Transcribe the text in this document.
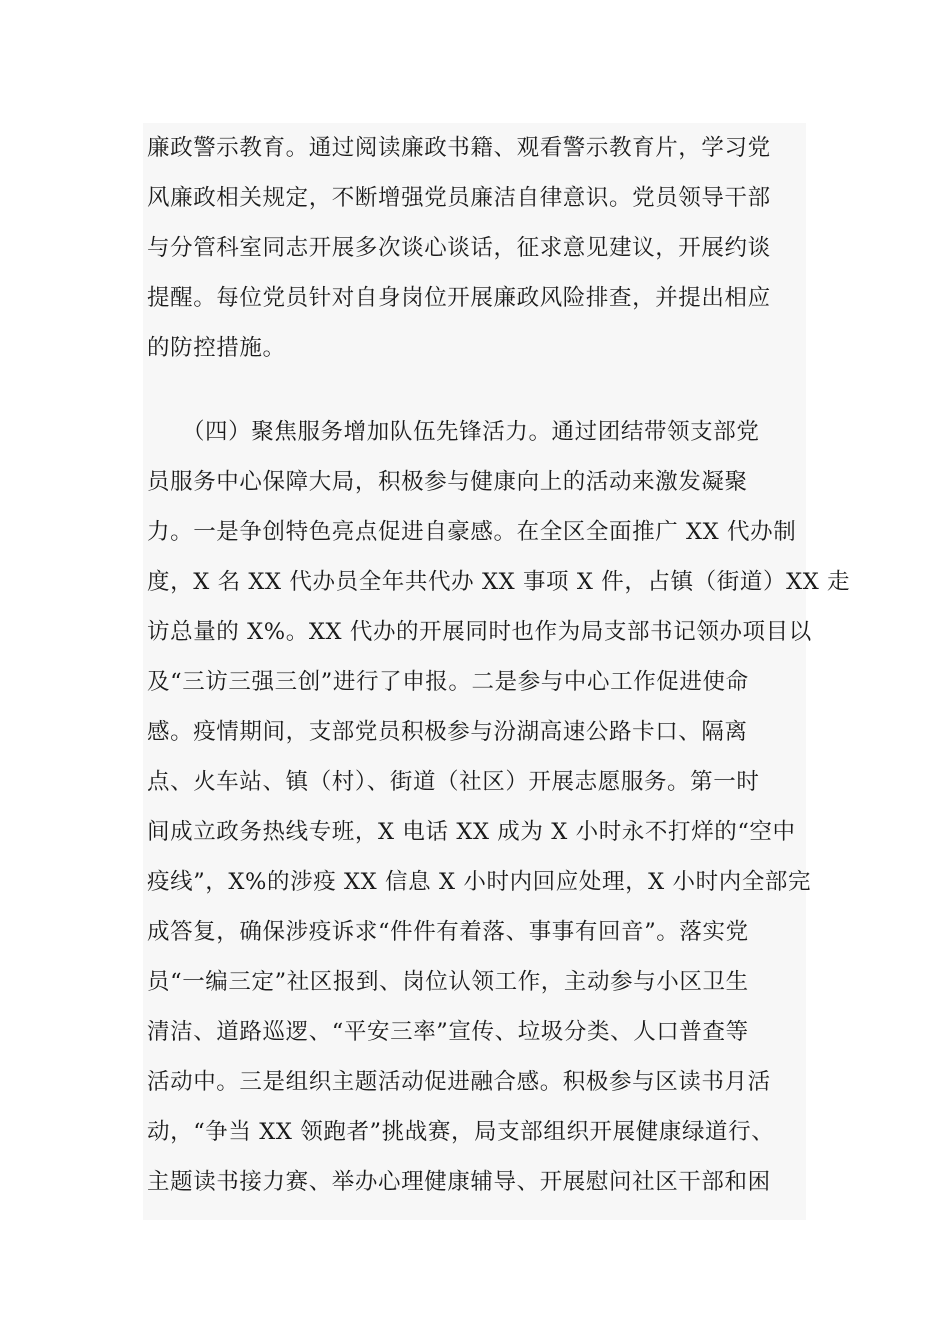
廉政警示教育。通过阅读廉政书籍、观看警示教育片，学习党
风廉政相关规定，不断增强党员廉洁自律意识。党员领导干部
与分管科室同志开展多次谈心谈话，征求意见建议，开展约谈
提醒。每位党员针对自身岗位开展廉政风险排查，并提出相应
的防控措施。
　　（四）聚焦服务增加队伍先锋活力。通过团结带领支部党
员服务中心保障大局，积极参与健康向上的活动来激发凝聚
力。一是争创特色亮点促进自豪感。在全区全面推广 XX 代办制
度，X 名 XX 代办员全年共代办 XX 事项 X 件，占镇（街道）XX 走
访总量的 X%。XX 代办的开展同时也作为局支部书记领办项目以
及“三访三强三创”进行了申报。二是参与中心工作促进使命
感。疫情期间，支部党员积极参与汾湖高速公路卡口、隔离
点、火车站、镇（村）、街道（社区）开展志愿服务。第一时
间成立政务热线专班，X 电话 XX 成为 X 小时永不打烊的“空中
疫线”，X%的涉疫 XX 信息 X 小时内回应处理，X 小时内全部完
成答复，确保涉疫诉求“件件有着落、事事有回音”。落实党
员“一编三定”社区报到、岗位认领工作，主动参与小区卫生
清洁、道路巡逻、“平安三率”宣传、垃圾分类、人口普查等
活动中。三是组织主题活动促进融合感。积极参与区读书月活
动，“争当 XX 领跑者”挑战赛，局支部组织开展健康绿道行、
主题读书接力赛、举办心理健康辅导、开展慰问社区干部和困
